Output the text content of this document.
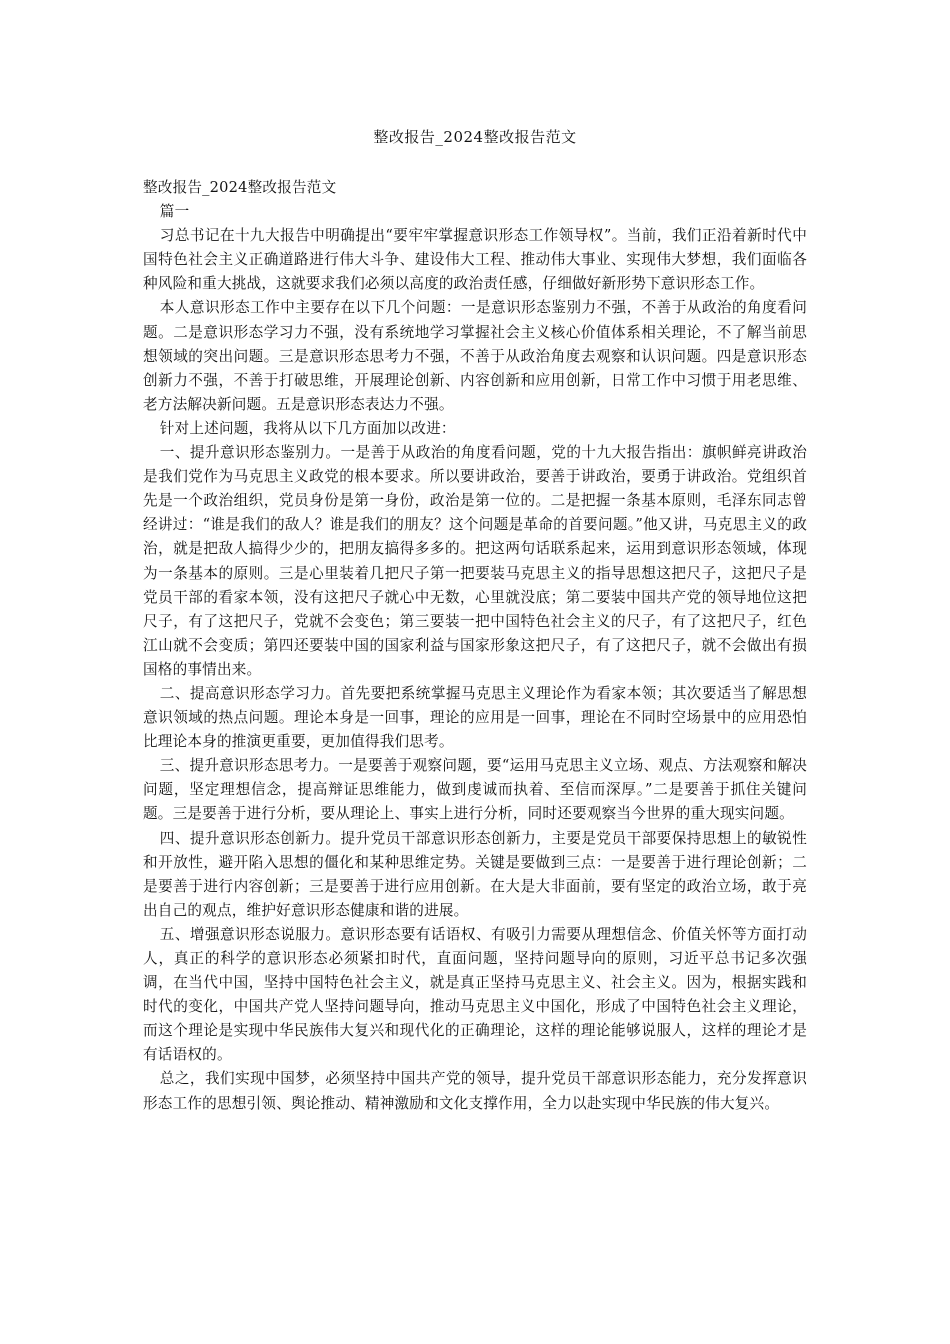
整改报告_2024整改报告范文

整改报告_2024整改报告范文

篇一

习总书记在十九大报告中明确提出“要牢牢掌握意识形态工作领导权”。当前，我们正沿着新时代中国特色社会主义正确道路进行伟大斗争、建设伟大工程、推动伟大事业、实现伟大梦想，我们面临各种风险和重大挑战，这就要求我们必须以高度的政治责任感，仔细做好新形势下意识形态工作。

本人意识形态工作中主要存在以下几个问题：一是意识形态鉴别力不强，不善于从政治的角度看问题。二是意识形态学习力不强，没有系统地学习掌握社会主义核心价值体系相关理论，不了解当前思想领域的突出问题。三是意识形态思考力不强，不善于从政治角度去观察和认识问题。四是意识形态创新力不强，不善于打破思维，开展理论创新、内容创新和应用创新，日常工作中习惯于用老思维、老方法解决新问题。五是意识形态表达力不强。

针对上述问题，我将从以下几方面加以改进：

一、提升意识形态鉴别力。一是善于从政治的角度看问题，党的十九大报告指出：旗帜鲜亮讲政治是我们党作为马克思主义政党的根本要求。所以要讲政治，要善于讲政治，要勇于讲政治。党组织首先是一个政治组织，党员身份是第一身份，政治是第一位的。二是把握一条基本原则，毛泽东同志曾经讲过：“谁是我们的敌人？谁是我们的朋友？这个问题是革命的首要问题。”他又讲，马克思主义的政治，就是把敌人搞得少少的，把朋友搞得多多的。把这两句话联系起来，运用到意识形态领域，体现为一条基本的原则。三是心里装着几把尺子第一把要装马克思主义的指导思想这把尺子，这把尺子是党员干部的看家本领，没有这把尺子就心中无数，心里就没底；第二要装中国共产党的领导地位这把尺子，有了这把尺子，党就不会变色；第三要装一把中国特色社会主义的尺子，有了这把尺子，红色江山就不会变质；第四还要装中国的国家利益与国家形象这把尺子，有了这把尺子，就不会做出有损国格的事情出来。

二、提高意识形态学习力。首先要把系统掌握马克思主义理论作为看家本领；其次要适当了解思想意识领域的热点问题。理论本身是一回事，理论的应用是一回事，理论在不同时空场景中的应用恐怕比理论本身的推演更重要，更加值得我们思考。

三、提升意识形态思考力。一是要善于观察问题，要“运用马克思主义立场、观点、方法观察和解决问题，坚定理想信念，提高辩证思维能力，做到虔诚而执着、至信而深厚。”二是要善于抓住关键问题。三是要善于进行分析，要从理论上、事实上进行分析，同时还要观察当今世界的重大现实问题。

四、提升意识形态创新力。提升党员干部意识形态创新力，主要是党员干部要保持思想上的敏锐性和开放性，避开陷入思想的僵化和某种思维定势。关键是要做到三点：一是要善于进行理论创新；二是要善于进行内容创新；三是要善于进行应用创新。在大是大非面前，要有坚定的政治立场，敢于亮出自己的观点，维护好意识形态健康和谐的进展。

五、增强意识形态说服力。意识形态要有话语权、有吸引力需要从理想信念、价值关怀等方面打动人，真正的科学的意识形态必须紧扣时代，直面问题，坚持问题导向的原则，习近平总书记多次强调，在当代中国，坚持中国特色社会主义，就是真正坚持马克思主义、社会主义。因为，根据实践和时代的变化，中国共产党人坚持问题导向，推动马克思主义中国化，形成了中国特色社会主义理论，而这个理论是实现中华民族伟大复兴和现代化的正确理论，这样的理论能够说服人，这样的理论才是有话语权的。

总之，我们实现中国梦，必须坚持中国共产党的领导，提升党员干部意识形态能力，充分发挥意识形态工作的思想引领、舆论推动、精神激励和文化支撑作用，全力以赴实现中华民族的伟大复兴。
